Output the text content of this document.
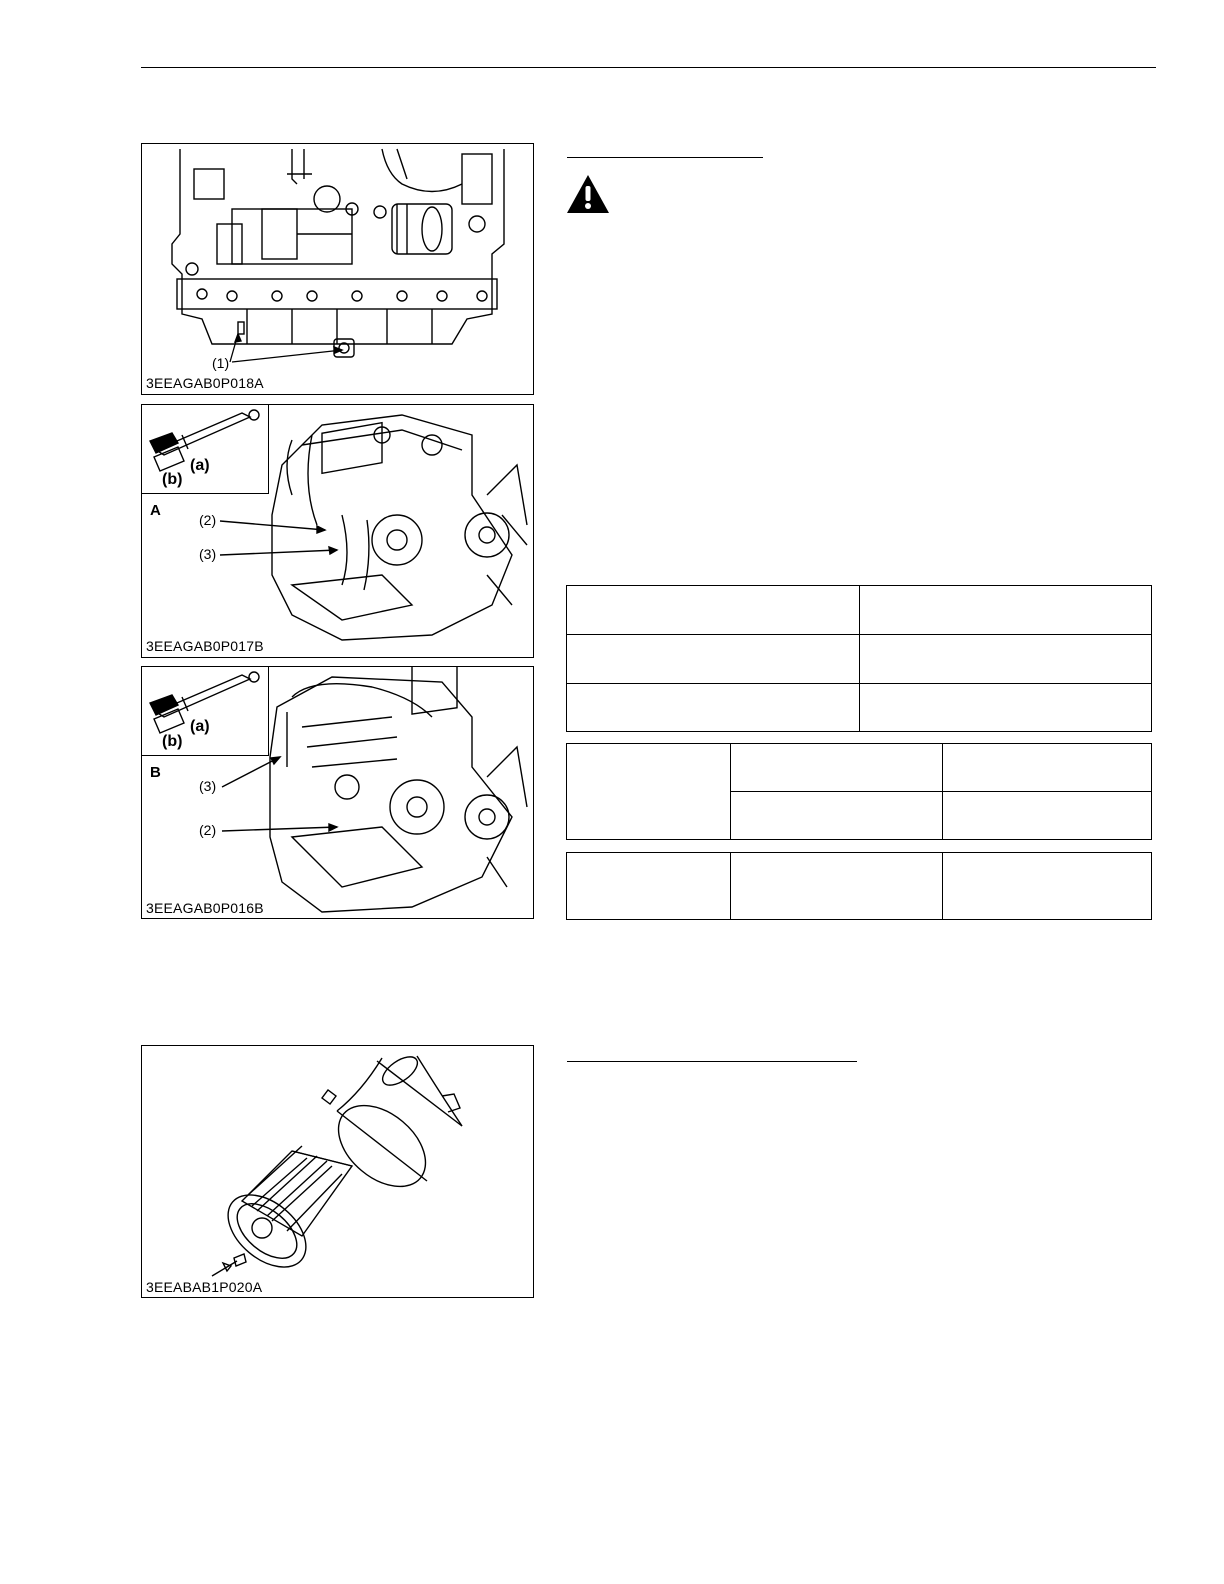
(1)
3EEAGAB0P018A
(a)
(b)
A
(2)
(3)
3EEAGAB0P017B
(a)
(b)
B
(3)
(2)
3EEAGAB0P016B
3EEABAB1P020A
